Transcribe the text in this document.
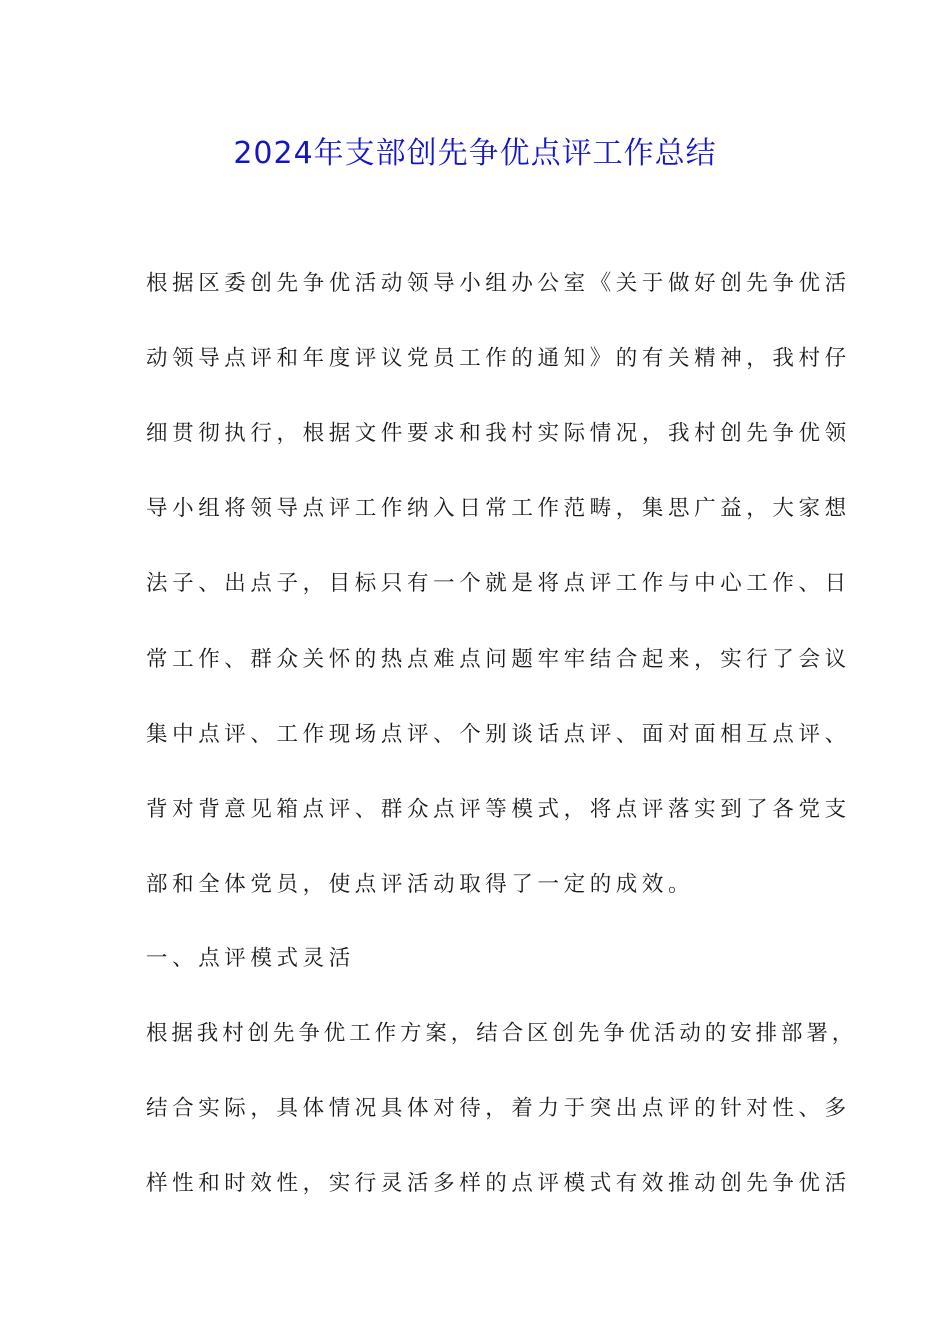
2024年支部创先争优点评工作总结
根据区委创先争优活动领导小组办公室《关于做好创先争优活
动领导点评和年度评议党员工作的通知》的有关精神，我村仔
细贯彻执行，根据文件要求和我村实际情况，我村创先争优领
导小组将领导点评工作纳入日常工作范畴，集思广益，大家想
法子、出点子，目标只有一个就是将点评工作与中心工作、日
常工作、群众关怀的热点难点问题牢牢结合起来，实行了会议
集中点评、工作现场点评、个别谈话点评、面对面相互点评、
背对背意见箱点评、群众点评等模式，将点评落实到了各党支
部和全体党员，使点评活动取得了一定的成效。
一、点评模式灵活
根据我村创先争优工作方案，结合区创先争优活动的安排部署，
结合实际，具体情况具体对待，着力于突出点评的针对性、多
样性和时效性，实行灵活多样的点评模式有效推动创先争优活
